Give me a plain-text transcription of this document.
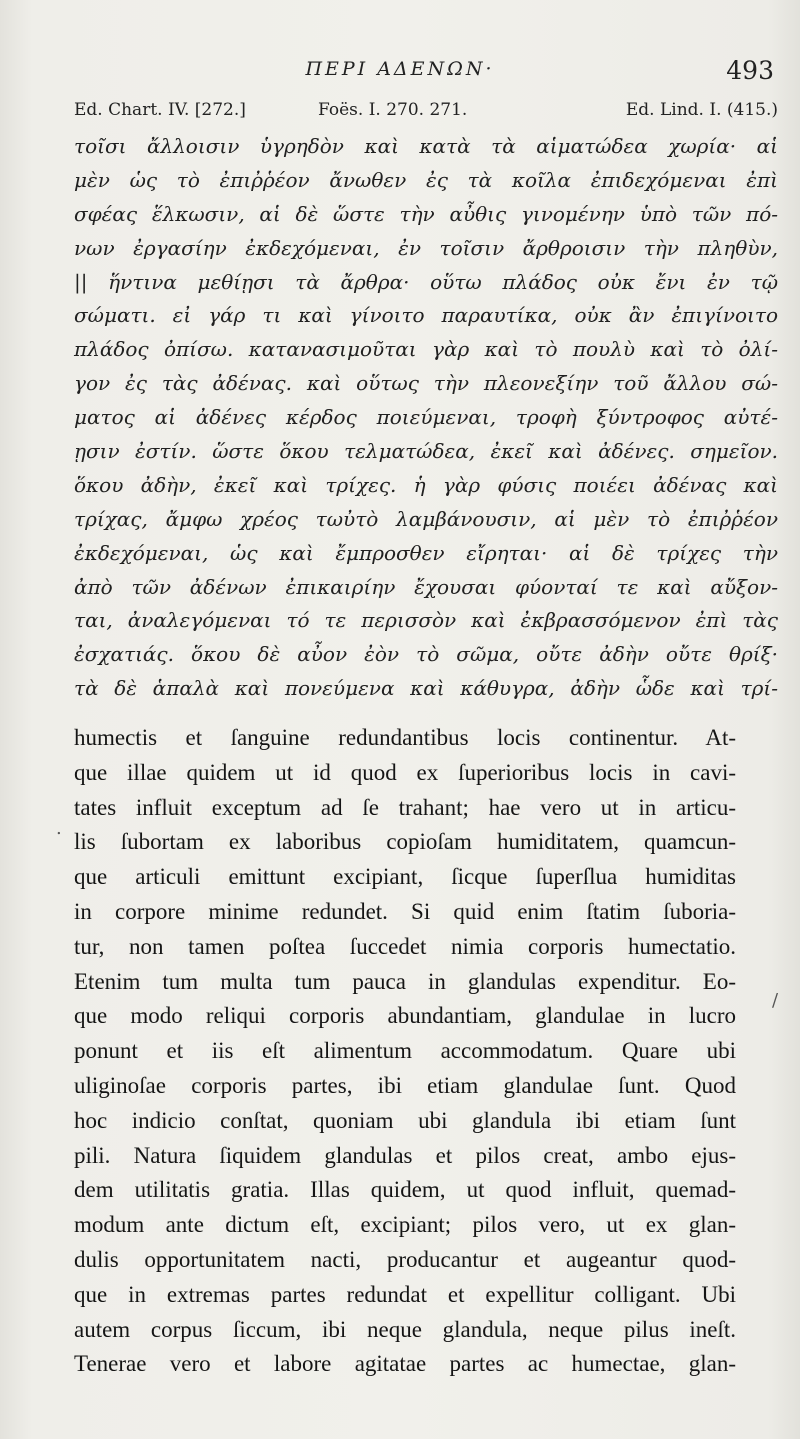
ΠΕΡΙ ΑΔΕΝΩΝ·	493
Ed. Chart. IV. [272.]	Foës. I. 270. 271.	Ed. Lind. I. (415.)
τοῖσι ἄλλοισιν ὑγρηδὸν καὶ κατὰ τὰ αἱματώδεα χωρία· αἱ
μὲν ὡς τὸ ἐπιῤῥέον ἄνωθεν ἐς τὰ κοῖλα ἐπιδεχόμεναι ἐπὶ
σφέας ἕλκωσιν, αἱ δὲ ὥστε τὴν αὖθις γινομένην ὑπὸ τῶν πό-
νων ἐργασίην ἐκδεχόμεναι, ἐν τοῖσιν ἄρθροισιν τὴν πληθὺν,
|| ἥντινα μεθίῃσι τὰ ἄρθρα· οὕτω πλάδος οὐκ ἔνι ἐν τῷ
σώματι. εἰ γάρ τι καὶ γίνοιτο παραυτίκα, οὐκ ἂν ἐπιγίνοιτο
πλάδος ὀπίσω. κατανασιμοῦται γὰρ καὶ τὸ πουλὺ καὶ τὸ ὀλί-
γον ἐς τὰς ἀδένας. καὶ οὕτως τὴν πλεονεξίην τοῦ ἄλλου σώ-
ματος αἱ ἀδένες κέρδος ποιεύμεναι, τροφὴ ξύντροφος αὐτέ-
ῃσιν ἐστίν. ὥστε ὅκου τελματώδεα, ἐκεῖ καὶ ἀδένες. σημεῖον.
ὅκου ἀδὴν, ἐκεῖ καὶ τρίχες. ἡ γὰρ φύσις ποιέει ἀδένας καὶ
τρίχας, ἄμφω χρέος τωὐτὸ λαμβάνουσιν, αἱ μὲν τὸ ἐπιῤῥέον
ἐκδεχόμεναι, ὡς καὶ ἔμπροσθεν εἴρηται· αἱ δὲ τρίχες τὴν
ἀπὸ τῶν ἀδένων ἐπικαιρίην ἔχουσαι φύονταί τε καὶ αὔξον-
ται, ἀναλεγόμεναι τό τε περισσὸν καὶ ἐκβρασσόμενον ἐπὶ τὰς
ἐσχατιάς. ὅκου δὲ αὖον ἐὸν τὸ σῶμα, οὔτε ἀδὴν οὔτε θρίξ·
τὰ δὲ ἁπαλὰ καὶ πονεύμενα καὶ κάθυγρα, ἀδὴν ὧδε καὶ τρί-
humectis et ſanguine redundantibus locis continentur. At-
que illae quidem ut id quod ex ſuperioribus locis in cavi-
tates influit exceptum ad ſe trahant; hae vero ut in articu-
lis ſubortam ex laboribus copioſam humiditatem, quamcun-
que articuli emittunt excipiant, ſicque ſuperſlua humiditas
in corpore minime redundet. Si quid enim ſtatim ſuboria-
tur, non tamen poſtea ſuccedet nimia corporis humectatio.
Etenim tum multa tum pauca in glandulas expenditur. Eo-
que modo reliqui corporis abundantiam, glandulae in lucro
ponunt et iis eſt alimentum accommodatum. Quare ubi
uliginoſae corporis partes, ibi etiam glandulae ſunt. Quod
hoc indicio conſtat, quoniam ubi glandula ibi etiam ſunt
pili. Natura ſiquidem glandulas et pilos creat, ambo ejus-
dem utilitatis gratia. Illas quidem, ut quod influit, quemad-
modum ante dictum eſt, excipiant; pilos vero, ut ex glan-
dulis opportunitatem nacti, producantur et augeantur quod-
que in extremas partes redundat et expellitur colligant. Ubi
autem corpus ſiccum, ibi neque glandula, neque pilus ineſt.
Tenerae vero et labore agitatae partes ac humectae, glan-
.
/
